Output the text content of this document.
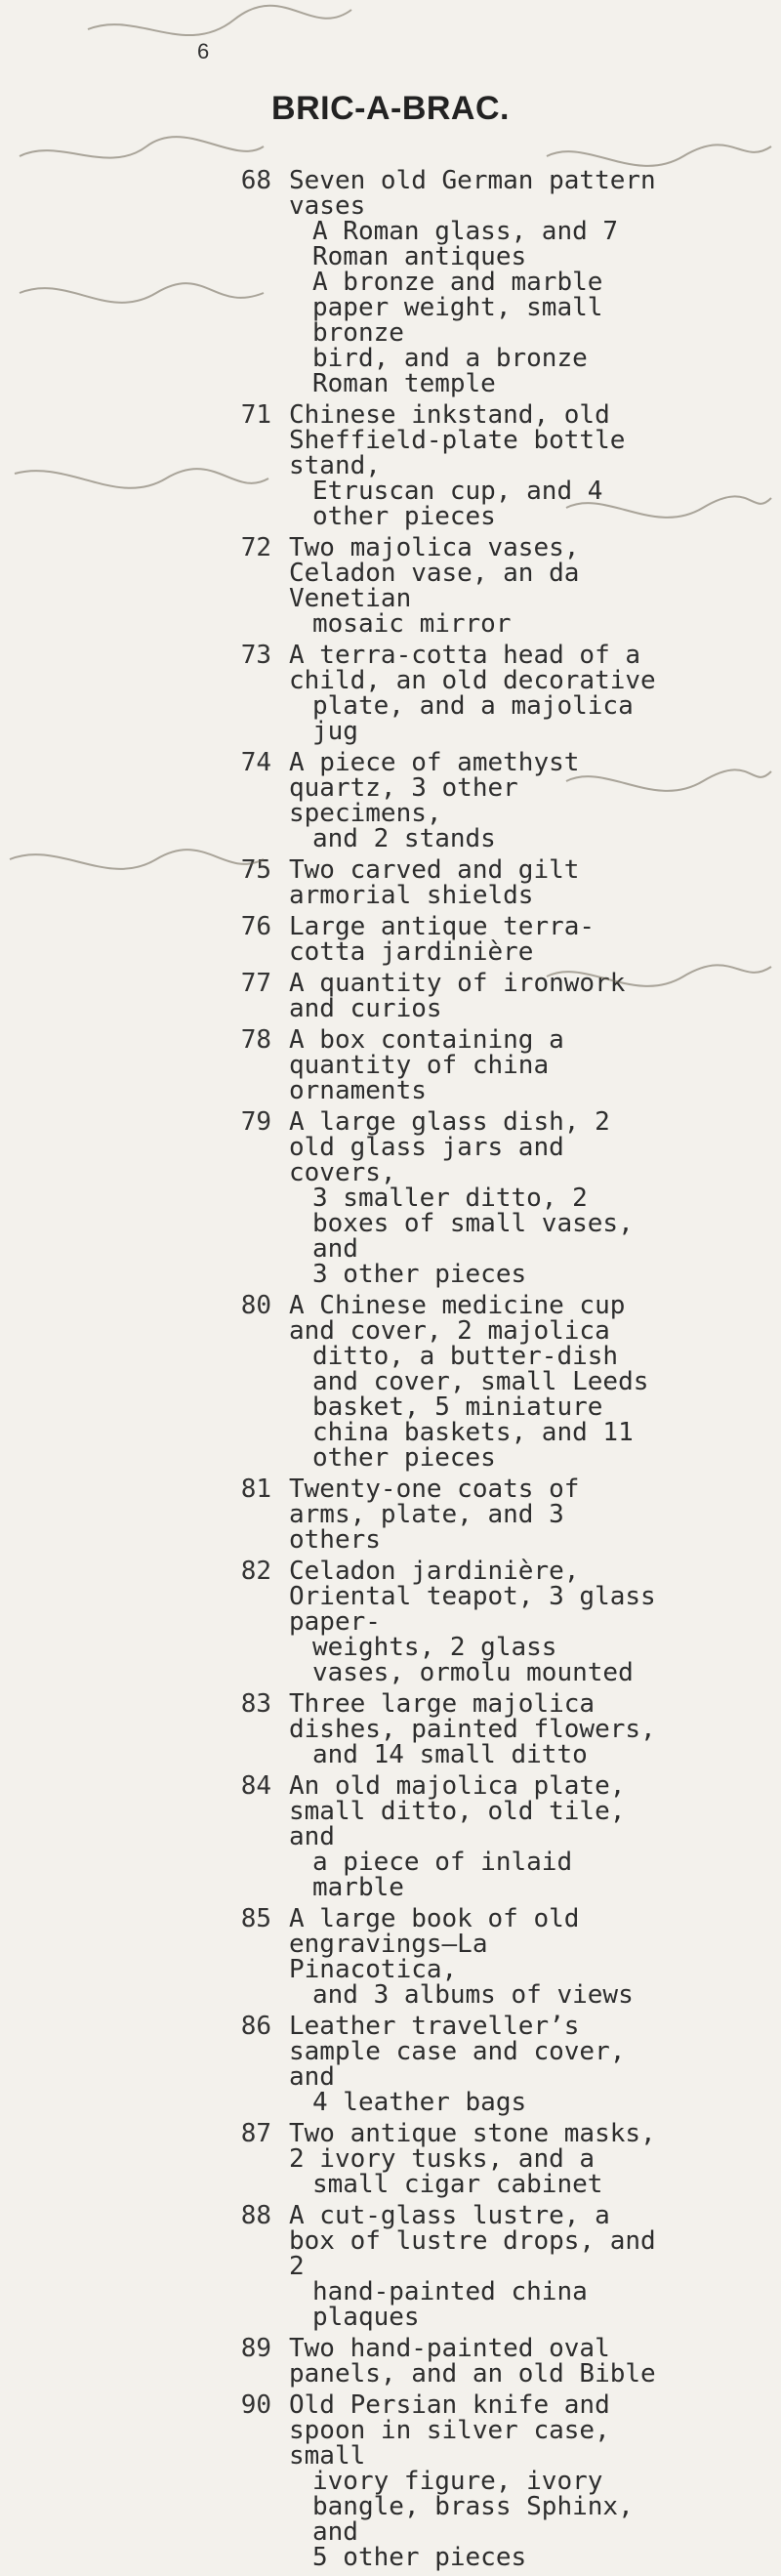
6
BRIC-A-BRAC.
68 Seven old German pattern vases
A Roman glass, and 7 Roman antiques
A bronze and marble paper weight, small bronze
bird, and a bronze Roman temple
71 Chinese inkstand, old Sheffield-plate bottle stand,
Etruscan cup, and 4 other pieces
72 Two majolica vases, Celadon vase, an da Venetian
mosaic mirror
73 A terra-cotta head of a child, an old decorative
plate, and a majolica jug
74 A piece of amethyst quartz, 3 other specimens,
and 2 stands
75 Two carved and gilt armorial shields
76 Large antique terra-cotta jardinière
77 A quantity of ironwork and curios
78 A box containing a quantity of china ornaments
79 A large glass dish, 2 old glass jars and covers,
3 smaller ditto, 2 boxes of small vases, and
3 other pieces
80 A Chinese medicine cup and cover, 2 majolica
ditto, a butter-dish and cover, small Leeds
basket, 5 miniature china baskets, and 11
other pieces
81 Twenty-one coats of arms, plate, and 3 others
82 Celadon jardinière, Oriental teapot, 3 glass paper-
weights, 2 glass vases, ormolu mounted
83 Three large majolica dishes, painted flowers,
and 14 small ditto
84 An old majolica plate, small ditto, old tile, and
a piece of inlaid marble
85 A large book of old engravings—La Pinacotica,
and 3 albums of views
86 Leather traveller’s sample case and cover, and
4 leather bags
87 Two antique stone masks, 2 ivory tusks, and a
small cigar cabinet
88 A cut-glass lustre, a box of lustre drops, and 2
hand-painted china plaques
89 Two hand-painted oval panels, and an old Bible
90 Old Persian knife and spoon in silver case, small
ivory figure, ivory bangle, brass Sphinx, and
5 other pieces
